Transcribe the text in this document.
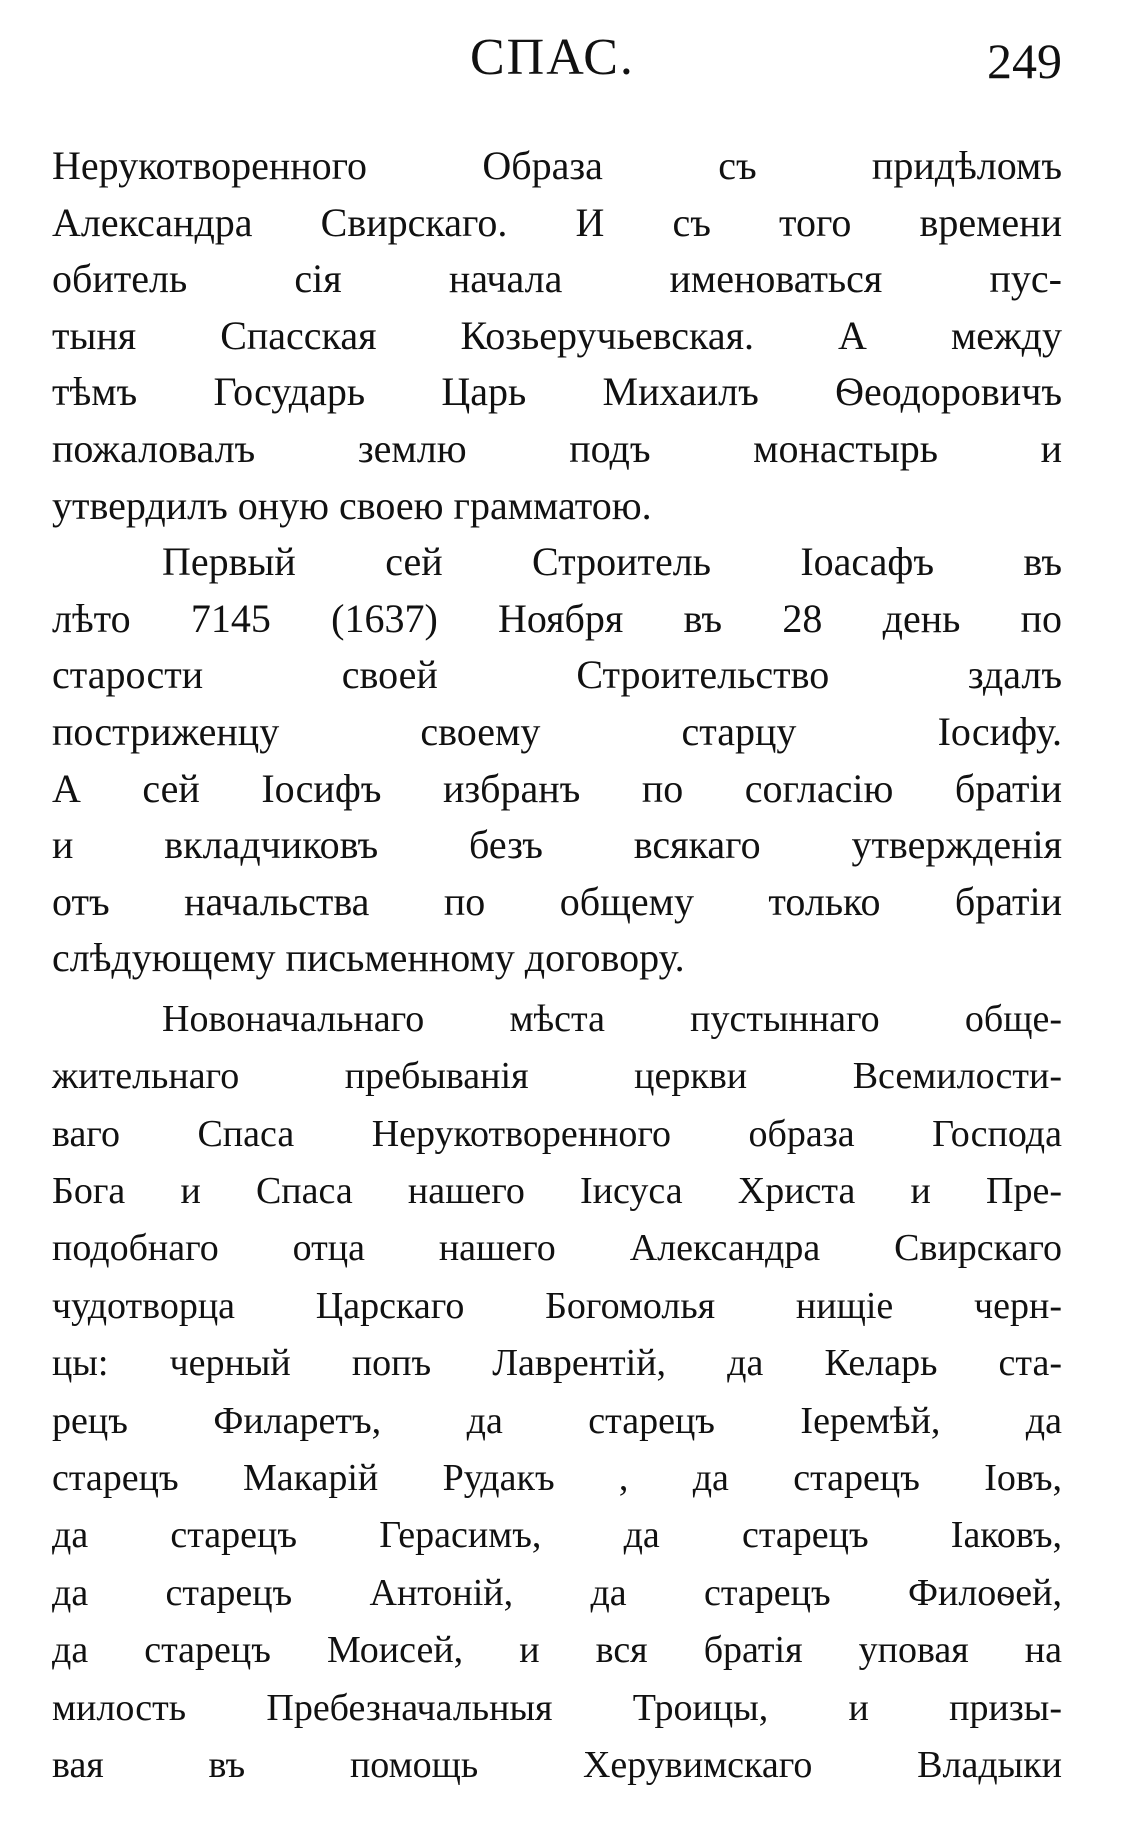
СПАС.	249
Нерукотворенного Образа съ придѣломъ
Александра Свирскаго. И съ того времени
обитель сія начала именоваться пус-
тыня Спасская Козьеручьевская. А между
тѣмъ Государь Царь Михаилъ Ѳеодоровичъ
пожаловалъ землю подъ монастырь и
утвердилъ оную своею грамматою.
Первый сей Строитель Іоасафъ въ
лѣто 7145 (1637) Ноября въ 28 день по
старости своей Строительство здалъ
постриженцу своему старцу Іосифу.
А сей Іосифъ избранъ по согласію братіи
и вкладчиковъ безъ всякаго утвержденія
отъ начальства по общему только братіи
слѣдующему письменному договору.
Новоначальнаго мѣста пустыннаго обще-
жительнаго пребыванія церкви Всемилости-
ваго Спаса Нерукотворенного образа Господа
Бога и Спаса нашего Іисуса Христа и Пре-
подобнаго отца нашего Александра Свирскаго
чудотворца Царскаго Богомолья нищіе черн-
цы: черный попъ Лаврентій, да Келарь ста-
рецъ Филаретъ, да старецъ Іеремѣй, да
старецъ Макарій Рудакъ , да старецъ Іовъ,
да старецъ Герасимъ, да старецъ Іаковъ,
да старецъ Антоній, да старецъ Филоѳей,
да старецъ Моисей, и вся братія уповая на
милость Пребезначальныя Троицы, и призы-
вая въ помощь Херувимскаго Владыки
